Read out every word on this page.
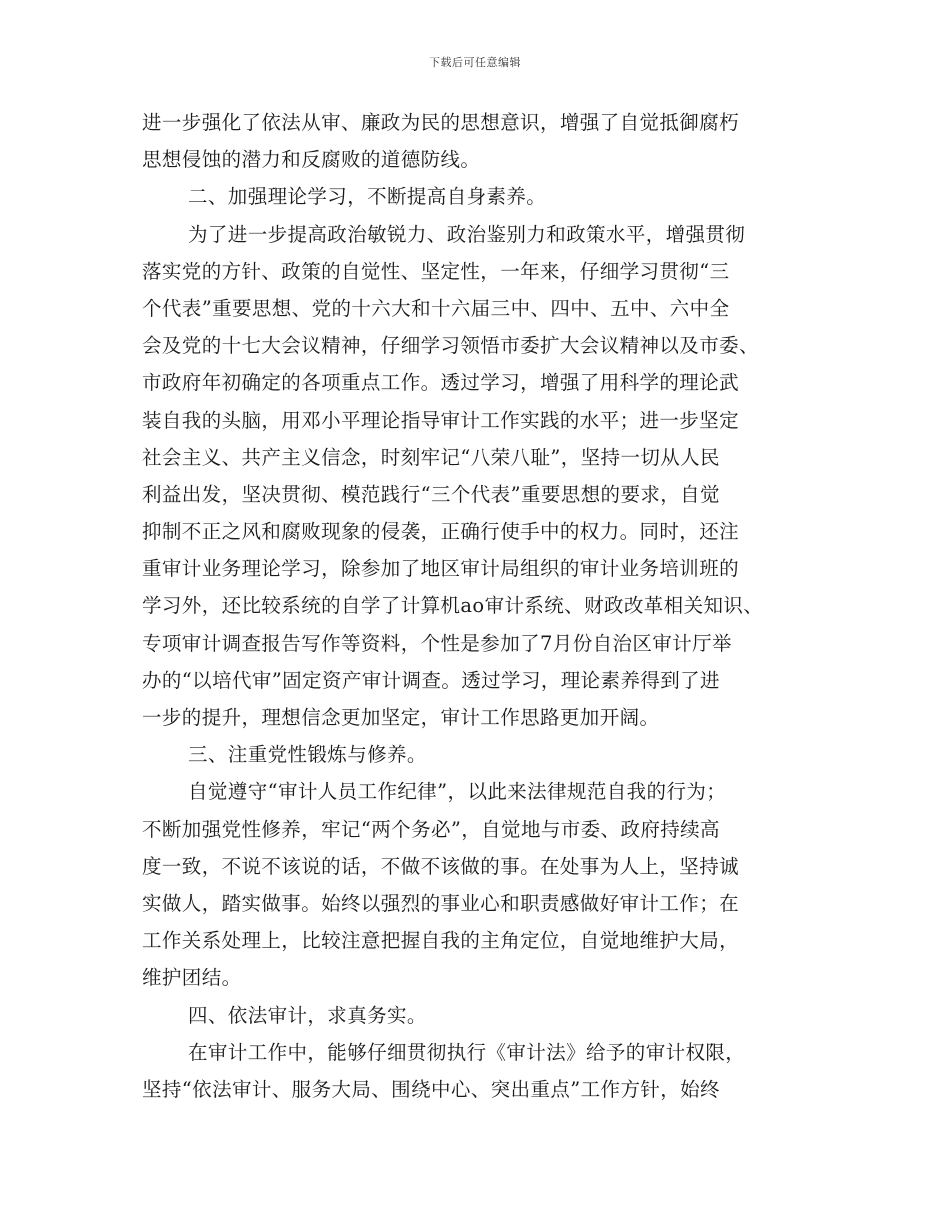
下载后可任意编辑
进一步强化了依法从审、廉政为民的思想意识，增强了自觉抵御腐朽
思想侵蚀的潜力和反腐败的道德防线。
二、加强理论学习，不断提高自身素养。
为了进一步提高政治敏锐力、政治鉴别力和政策水平，增强贯彻
落实党的方针、政策的自觉性、坚定性，一年来，仔细学习贯彻“三
个代表”重要思想、党的十六大和十六届三中、四中、五中、六中全
会及党的十七大会议精神，仔细学习领悟市委扩大会议精神以及市委、
市政府年初确定的各项重点工作。透过学习，增强了用科学的理论武
装自我的头脑，用邓小平理论指导审计工作实践的水平；进一步坚定
社会主义、共产主义信念，时刻牢记“八荣八耻”，坚持一切从人民
利益出发，坚决贯彻、模范践行“三个代表”重要思想的要求，自觉
抑制不正之风和腐败现象的侵袭，正确行使手中的权力。同时，还注
重审计业务理论学习，除参加了地区审计局组织的审计业务培训班的
学习外，还比较系统的自学了计算机ao审计系统、财政改革相关知识、
专项审计调查报告写作等资料，个性是参加了7月份自治区审计厅举
办的“以培代审”固定资产审计调查。透过学习，理论素养得到了进
一步的提升，理想信念更加坚定，审计工作思路更加开阔。
三、注重党性锻炼与修养。
自觉遵守“审计人员工作纪律”，以此来法律规范自我的行为；
不断加强党性修养，牢记“两个务必”，自觉地与市委、政府持续高
度一致，不说不该说的话，不做不该做的事。在处事为人上，坚持诚
实做人，踏实做事。始终以强烈的事业心和职责感做好审计工作；在
工作关系处理上，比较注意把握自我的主角定位，自觉地维护大局，
维护团结。
四、依法审计，求真务实。
在审计工作中，能够仔细贯彻执行《审计法》给予的审计权限，
坚持“依法审计、服务大局、围绕中心、突出重点”工作方针，始终
